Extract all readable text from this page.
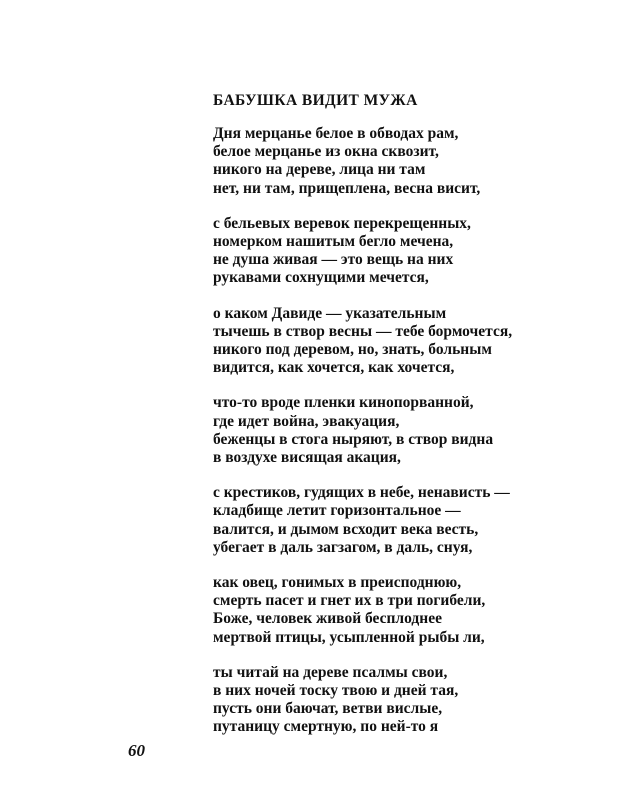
БАБУШКА ВИДИТ МУЖА
Дня мерцанье белое в обводах рам,
белое мерцанье из окна сквозит,
никого на дереве, лица ни там
нет, ни там, прищеплена, весна висит,
с бельевых веревок перекрещенных,
номерком нашитым бегло мечена,
не душа живая — это вещь на них
рукавами сохнущими мечется,
о каком Давиде — указательным
тычешь в створ весны — тебе бормочется,
никого под деревом, но, знать, больным
видится, как хочется, как хочется,
что-то вроде пленки кинопорванной,
где идет война, эвакуация,
беженцы в стога ныряют, в створ видна
в воздухе висящая акация,
с крестиков, гудящих в небе, ненависть —
кладбище летит горизонтальное —
валится, и дымом всходит века весть,
убегает в даль загзагом, в даль, снуя,
как овец, гонимых в преисподнюю,
смерть пасет и гнет их в три погибели,
Боже, человек живой бесплоднее
мертвой птицы, усыпленной рыбы ли,
ты читай на дереве псалмы свои,
в них ночей тоску твою и дней тая,
пусть они баючат, ветви вислые,
путаницу смертную, по ней-то я
60
